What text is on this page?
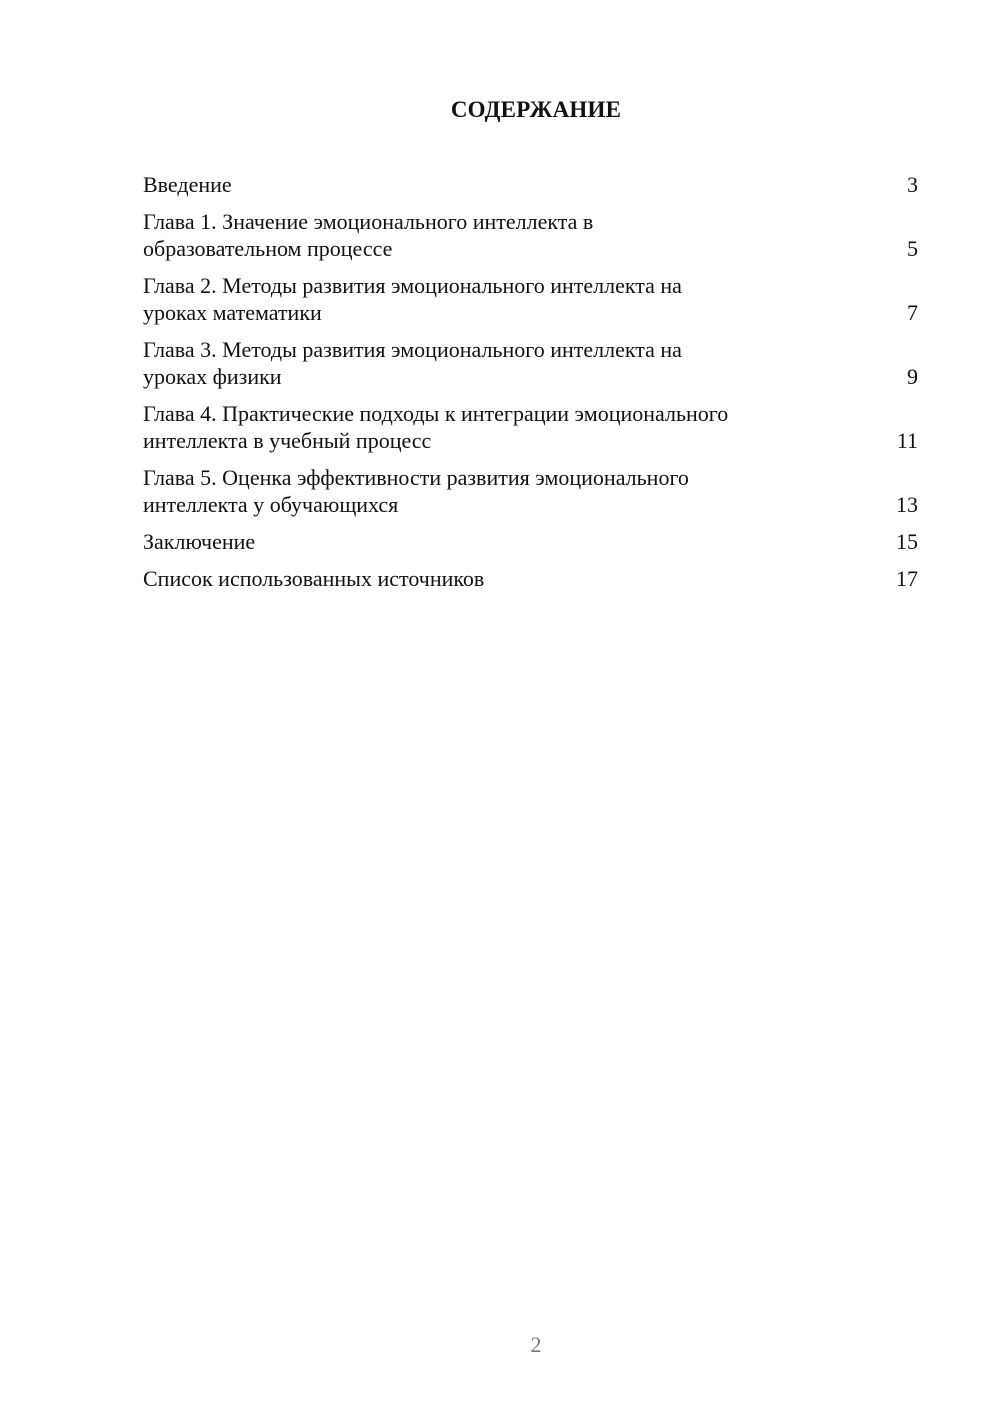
СОДЕРЖАНИЕ
Введение	3
Глава 1. Значение эмоционального интеллекта в
образовательном процессе	5
Глава 2. Методы развития эмоционального интеллекта на
уроках математики	7
Глава 3. Методы развития эмоционального интеллекта на
уроках физики	9
Глава 4. Практические подходы к интеграции эмоционального
интеллекта в учебный процесс	11
Глава 5. Оценка эффективности развития эмоционального
интеллекта у обучающихся	13
Заключение	15
Список использованных источников	17
2
